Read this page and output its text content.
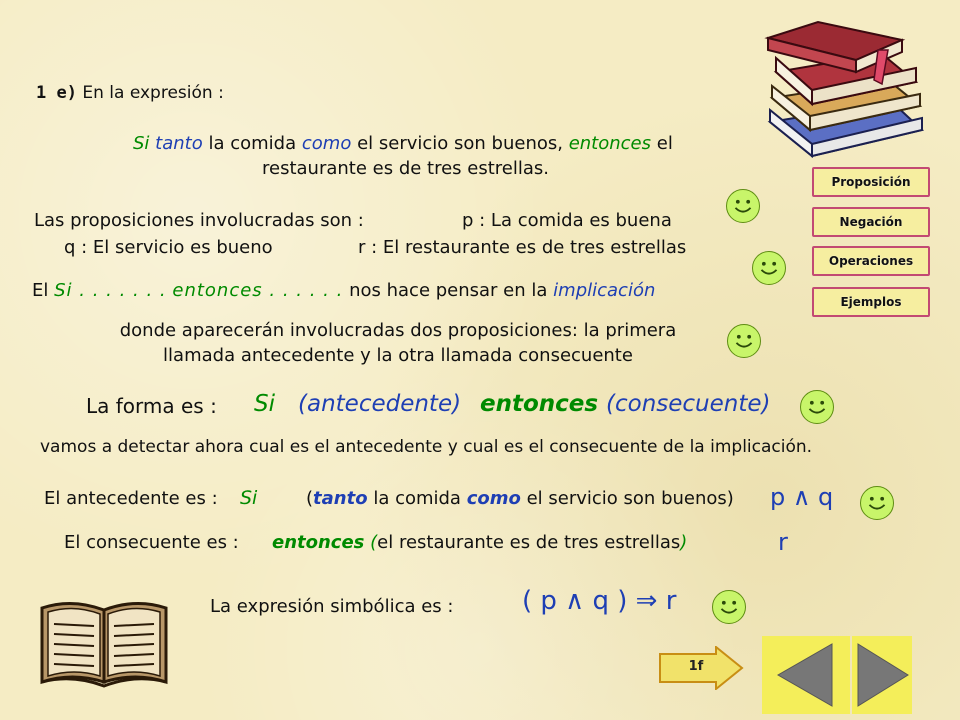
Proposición
Negación
Operaciones
Ejemplos
1 e) En la expresión :
Si tanto la comida como el servicio son buenos, entonces el
restaurante es de tres estrellas.
Las proposiciones involucradas son :	p : La comida es buena
q : El servicio es bueno	r : El restaurante es de tres estrellas
El Si . . . . . . . entonces . . . . . . nos hace pensar en la implicación
donde aparecerán involucradas dos proposiciones: la primera
llamada antecedente y la otra llamada consecuente
La forma es : Si (antecedente) entonces (consecuente)
vamos a detectar ahora cual es el antecedente y cual es el consecuente de la implicación.
El antecedente es : Si	(tanto la comida como el servicio son buenos) p ∧ q
El consecuente es : entonces (el restaurante es de tres estrellas)	r
La expresión simbólica es :	( p ∧ q ) ⇒ r
1f
